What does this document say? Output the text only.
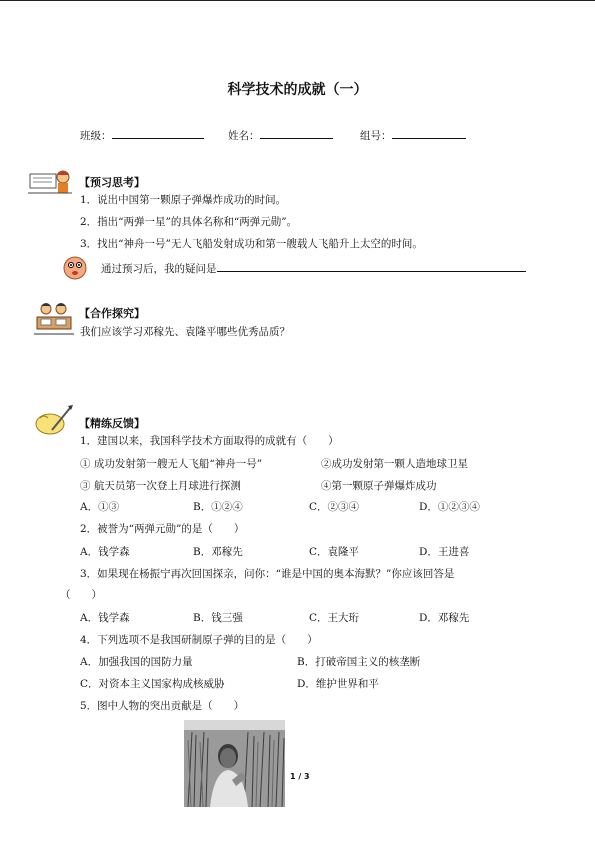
科学技术的成就（一）
班级：	姓名：	组号：
【预习思考】
1．说出中国第一颗原子弹爆炸成功的时间。
2．指出“两弹一星”的具体名称和“两弹元勋”。
3．找出“神舟一号”无人飞船发射成功和第一艘载人飞船升上太空的时间。
通过预习后，我的疑问是
【合作探究】
我们应该学习邓稼先、袁隆平哪些优秀品质？
【精练反馈】
1．建国以来，我国科学技术方面取得的成就有（　　）
① 成功发射第一艘无人飞船“神舟一号”	②成功发射第一颗人造地球卫星
③ 航天员第一次登上月球进行探测	④第一颗原子弹爆炸成功
A．①③	B．①②④	C．②③④	D．①②③④
2．被誉为“两弹元勋”的是（　　）
A．钱学森	B．邓稼先	C．袁隆平	D．王进喜
3．如果现在杨振宁再次回国探亲，问你：“谁是中国的奥本海默？”你应该回答是
（　　）
A．钱学森	B．钱三强	C．王大珩	D．邓稼先
4．下列选项不是我国研制原子弹的目的是（　　）
A．加强我国的国防力量	B．打破帝国主义的核垄断
C．对资本主义国家构成核威胁	D．维护世界和平
5．图中人物的突出贡献是（　　）
1 / 3
